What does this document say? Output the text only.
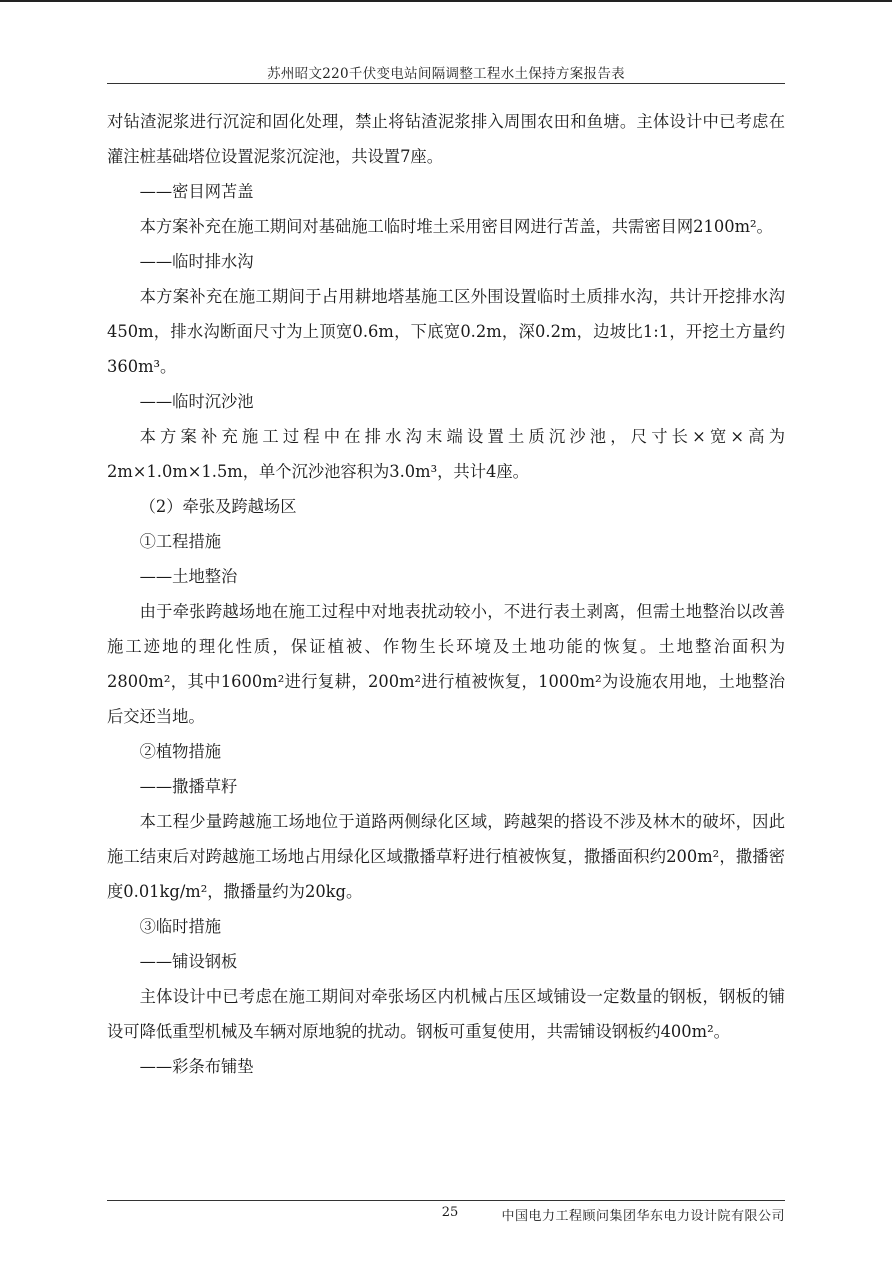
苏州昭文220千伏变电站间隔调整工程水土保持方案报告表

对钻渣泥浆进行沉淀和固化处理，禁止将钻渣泥浆排入周围农田和鱼塘。主体设计中已考虑在灌注桩基础塔位设置泥浆沉淀池，共设置7座。

——密目网苫盖

本方案补充在施工期间对基础施工临时堆土采用密目网进行苫盖，共需密目网2100m²。

——临时排水沟

本方案补充在施工期间于占用耕地塔基施工区外围设置临时土质排水沟，共计开挖排水沟450m，排水沟断面尺寸为上顶宽0.6m，下底宽0.2m，深0.2m，边坡比1:1，开挖土方量约360m³。

——临时沉沙池

本方案补充施工过程中在排水沟末端设置土质沉沙池，尺寸长×宽×高为2m×1.0m×1.5m，单个沉沙池容积为3.0m³，共计4座。

（2）牵张及跨越场区

①工程措施

——土地整治

由于牵张跨越场地在施工过程中对地表扰动较小，不进行表土剥离，但需土地整治以改善施工迹地的理化性质，保证植被、作物生长环境及土地功能的恢复。土地整治面积为2800m²，其中1600m²进行复耕，200m²进行植被恢复，1000m²为设施农用地，土地整治后交还当地。

②植物措施

——撒播草籽

本工程少量跨越施工场地位于道路两侧绿化区域，跨越架的搭设不涉及林木的破坏，因此施工结束后对跨越施工场地占用绿化区域撒播草籽进行植被恢复，撒播面积约200m²，撒播密度0.01kg/m²，撒播量约为20kg。

③临时措施

——铺设钢板

主体设计中已考虑在施工期间对牵张场区内机械占压区域铺设一定数量的钢板，钢板的铺设可降低重型机械及车辆对原地貌的扰动。钢板可重复使用，共需铺设钢板约400m²。

——彩条布铺垫

25	中国电力工程顾问集团华东电力设计院有限公司
